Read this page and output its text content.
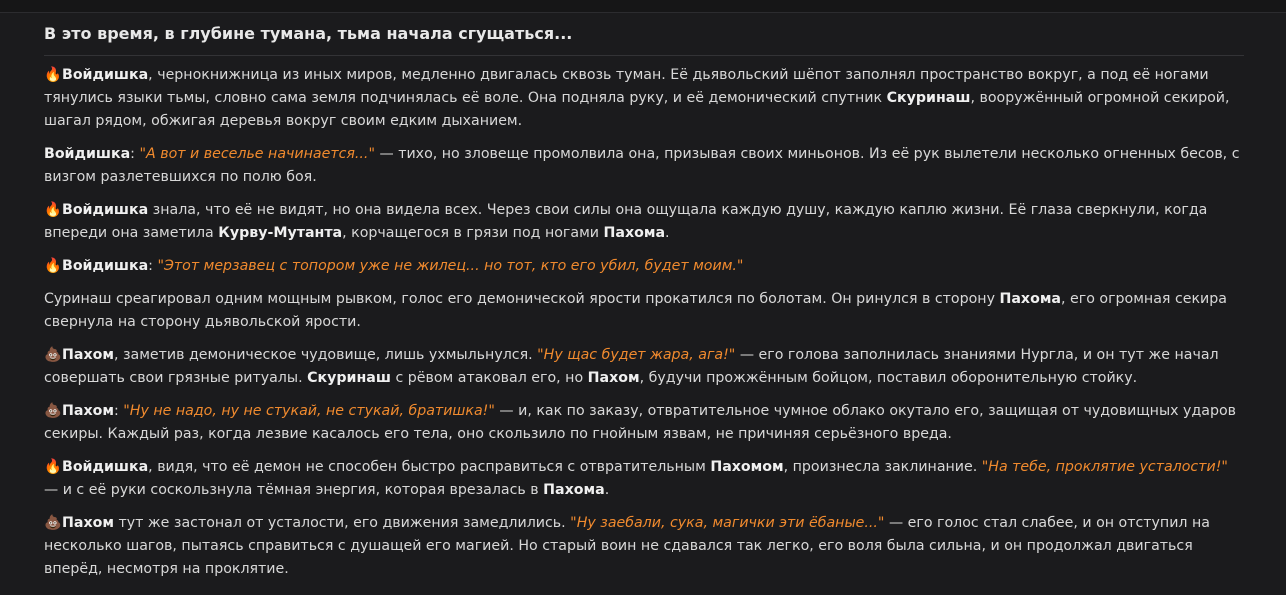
В это время, в глубине тумана, тьма начала сгущаться...

🔥Войдишка, чернокнижница из иных миров, медленно двигалась сквозь туман. Её дьявольский шёпот заполнял пространство вокруг, а под её ногами тянулись языки тьмы, словно сама земля подчинялась её воле. Она подняла руку, и её демонический спутник Скуринаш, вооружённый огромной секирой, шагал рядом, обжигая деревья вокруг своим едким дыханием.

Войдишка: "А вот и веселье начинается..." — тихо, но зловеще промолвила она, призывая своих миньонов. Из её рук вылетели несколько огненных бесов, с визгом разлетевшихся по полю боя.

🔥Войдишка знала, что её не видят, но она видела всех. Через свои силы она ощущала каждую душу, каждую каплю жизни. Её глаза сверкнули, когда впереди она заметила Курву-Мутанта, корчащегося в грязи под ногами Пахома.

🔥Войдишка: "Этот мерзавец с топором уже не жилец... но тот, кто его убил, будет моим."

Суринаш среагировал одним мощным рывком, голос его демонической ярости прокатился по болотам. Он ринулся в сторону Пахома, его огромная секира свернула на сторону дьявольской ярости.

💩Пахом, заметив демоническое чудовище, лишь ухмыльнулся. "Ну щас будет жара, ага!" — его голова заполнилась знаниями Нургла, и он тут же начал совершать свои грязные ритуалы. Скуринаш с рёвом атаковал его, но Пахом, будучи прожжённым бойцом, поставил оборонительную стойку.

💩Пахом: "Ну не надо, ну не стукай, не стукай, братишка!" — и, как по заказу, отвратительное чумное облако окутало его, защищая от чудовищных ударов секиры. Каждый раз, когда лезвие касалось его тела, оно скользило по гнойным язвам, не причиняя серьёзного вреда.

🔥Войдишка, видя, что её демон не способен быстро расправиться с отвратительным Пахомом, произнесла заклинание. "На тебе, проклятие усталости!" — и с её руки соскользнула тёмная энергия, которая врезалась в Пахома.

💩Пахом тут же застонал от усталости, его движения замедлились. "Ну заебали, сука, магички эти ёбаные..." — его голос стал слабее, и он отступил на несколько шагов, пытаясь справиться с душащей его магией. Но старый воин не сдавался так легко, его воля была сильна, и он продолжал двигаться вперёд, несмотря на проклятие.
